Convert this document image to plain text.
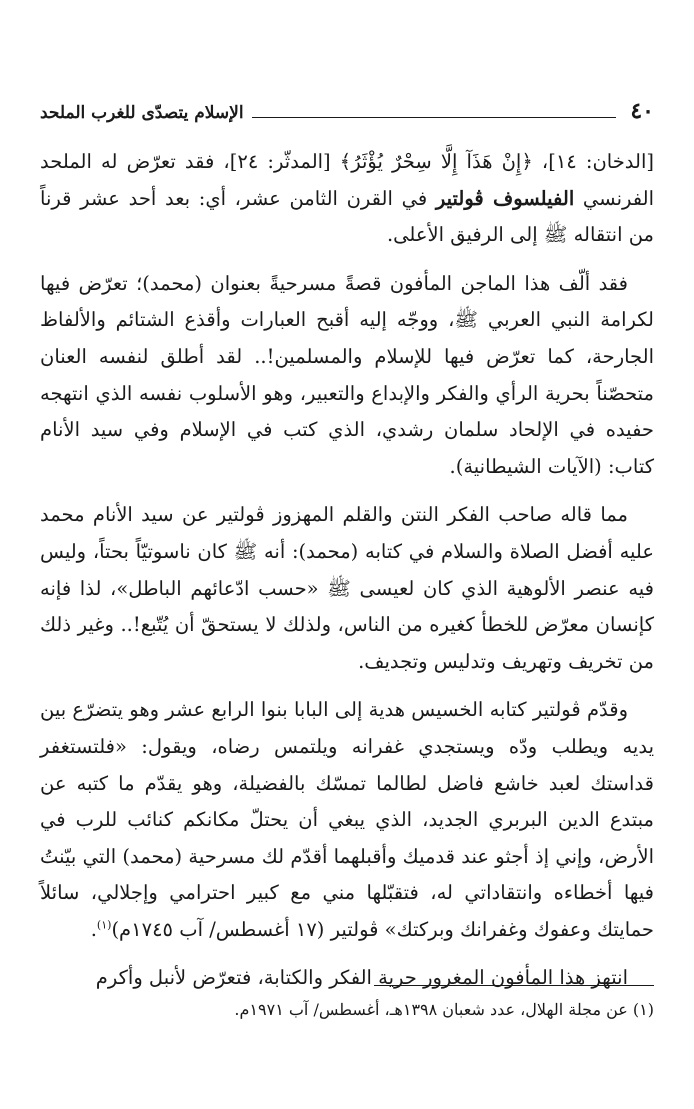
٤٠
الإسلام يتصدّى للغرب الملحد

[الدخان: ١٤]، ﴿إِنْ هَذَآ إِلَّا سِحْرٌ يُؤْثَرُ﴾ [المدثّر: ٢٤]، فقد تعرّض له الملحد الفرنسي الفيلسوف ڤولتير في القرن الثامن عشر، أي: بعد أحد عشر قرناً من انتقاله ﷺ إلى الرفيق الأعلى.

فقد ألّف هذا الماجن المأفون قصةً مسرحيةً بعنوان (محمد)؛ تعرّض فيها لكرامة النبي العربي ﷺ، ووجّه إليه أقبح العبارات وأقذع الشتائم والألفاظ الجارحة، كما تعرّض فيها للإسلام والمسلمين!.. لقد أطلق لنفسه العنان متحصّناً بحرية الرأي والفكر والإبداع والتعبير، وهو الأسلوب نفسه الذي انتهجه حفيده في الإلحاد سلمان رشدي، الذي كتب في الإسلام وفي سيد الأنام كتاب: (الآيات الشيطانية).

مما قاله صاحب الفكر النتن والقلم المهزوز ڤولتير عن سيد الأنام محمد عليه أفضل الصلاة والسلام في كتابه (محمد): أنه ﷺ كان ناسوتيّاً بحتاً، وليس فيه عنصر الألوهية الذي كان لعيسى ﷺ «حسب ادّعائهم الباطل»، لذا فإنه كإنسان معرّض للخطأ كغيره من الناس، ولذلك لا يستحقّ أن يُتّبع!.. وغير ذلك من تخريف وتهريف وتدليس وتجديف.

وقدّم ڤولتير كتابه الخسيس هدية إلى البابا بنوا الرابع عشر وهو يتضرّع بين يديه ويطلب ودّه ويستجدي غفرانه ويلتمس رضاه، ويقول: «فلتستغفر قداستك لعبد خاشع فاضل لطالما تمسّك بالفضيلة، وهو يقدّم ما كتبه عن مبتدع الدين البربري الجديد، الذي يبغي أن يحتلّ مكانكم كنائب للرب في الأرض، وإني إذ أجثو عند قدميك وأقبلهما أقدّم لك مسرحية (محمد) التي بيّنتُ فيها أخطاءه وانتقاداتي له، فتقبّلها مني مع كبير احترامي وإجلالي، سائلاً حمايتك وعفوك وغفرانك وبركتك» ڤولتير (١٧ أغسطس/ آب ١٧٤٥م)$^{(١)}$.

انتهز هذا المأفون المغرور حرية الفكر والكتابة، فتعرّض لأنبل وأكرم

(١) عن مجلة الهلال، عدد شعبان ١٣٩٨هـ، أغسطس/ آب ١٩٧١م.
